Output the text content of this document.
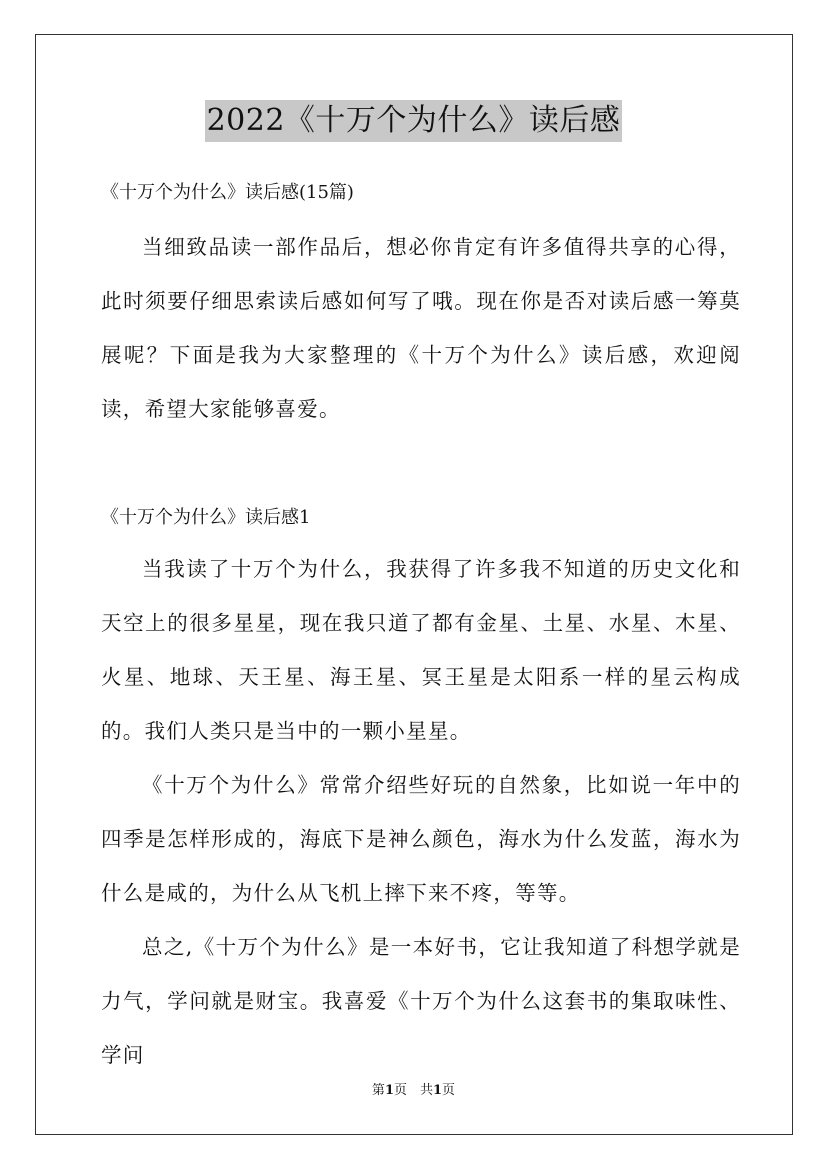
2022《十万个为什么》读后感

《十万个为什么》读后感(15篇)

当细致品读一部作品后，想必你肯定有许多值得共享的心得，此时须要仔细思索读后感如何写了哦。现在你是否对读后感一筹莫展呢？下面是我为大家整理的《十万个为什么》读后感，欢迎阅读，希望大家能够喜爱。

《十万个为什么》读后感1

当我读了十万个为什么，我获得了许多我不知道的历史文化和天空上的很多星星，现在我只道了都有金星、土星、水星、木星、火星、地球、天王星、海王星、冥王星是太阳系一样的星云构成的。我们人类只是当中的一颗小星星。

《十万个为什么》常常介绍些好玩的自然象，比如说一年中的四季是怎样形成的，海底下是神么颜色，海水为什么发蓝，海水为什么是咸的，为什么从飞机上摔下来不疼，等等。

总之,《十万个为什么》是一本好书，它让我知道了科想学就是力气，学问就是财宝。我喜爱《十万个为什么这套书的集取味性、学问

第1页　共1页
